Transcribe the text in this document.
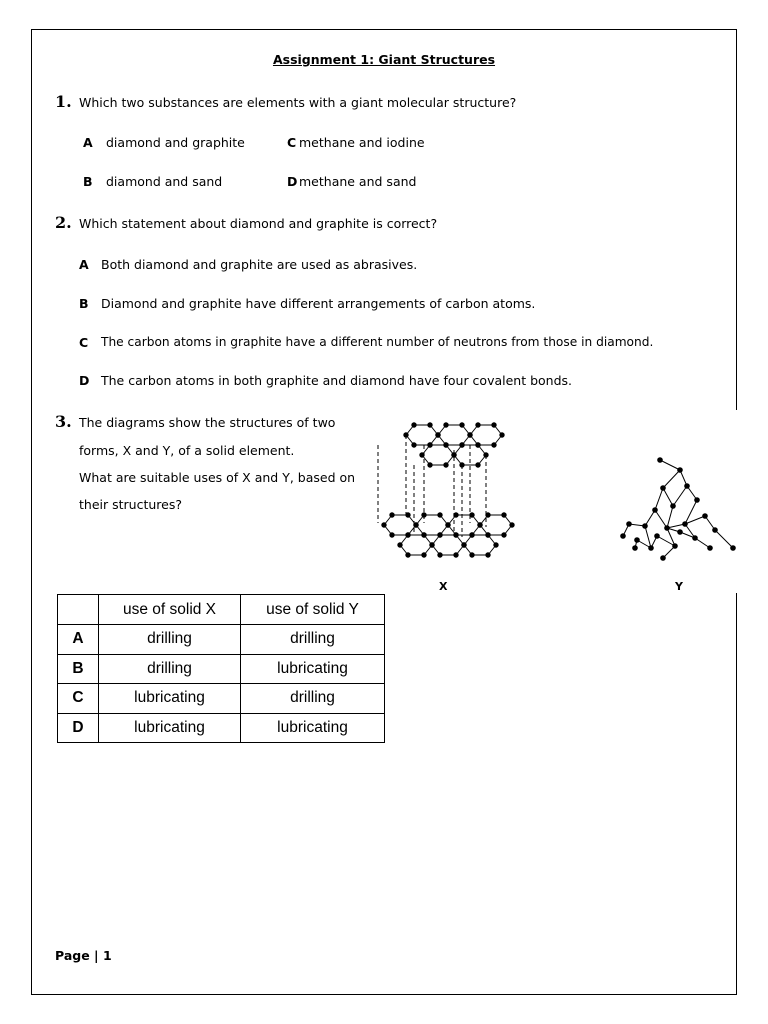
Assignment 1: Giant Structures
1. Which two substances are elements with a giant molecular structure?
A diamond and graphite	C methane and iodine
B diamond and sand	D methane and sand
2. Which statement about diamond and graphite is correct?
A Both diamond and graphite are used as abrasives.
B Diamond and graphite have different arrangements of carbon atoms.
C The carbon atoms in graphite have a different number of neutrons from those in diamond.
D The carbon atoms in both graphite and diamond have four covalent bonds.
3. The diagrams show the structures of two
forms, X and Y, of a solid element.
What are suitable uses of X and Y, based on
their structures?
X	Y
	use of solid X	use of solid Y
A	drilling	drilling
B	drilling	lubricating
C	lubricating	drilling
D	lubricating	lubricating
Page | 1
